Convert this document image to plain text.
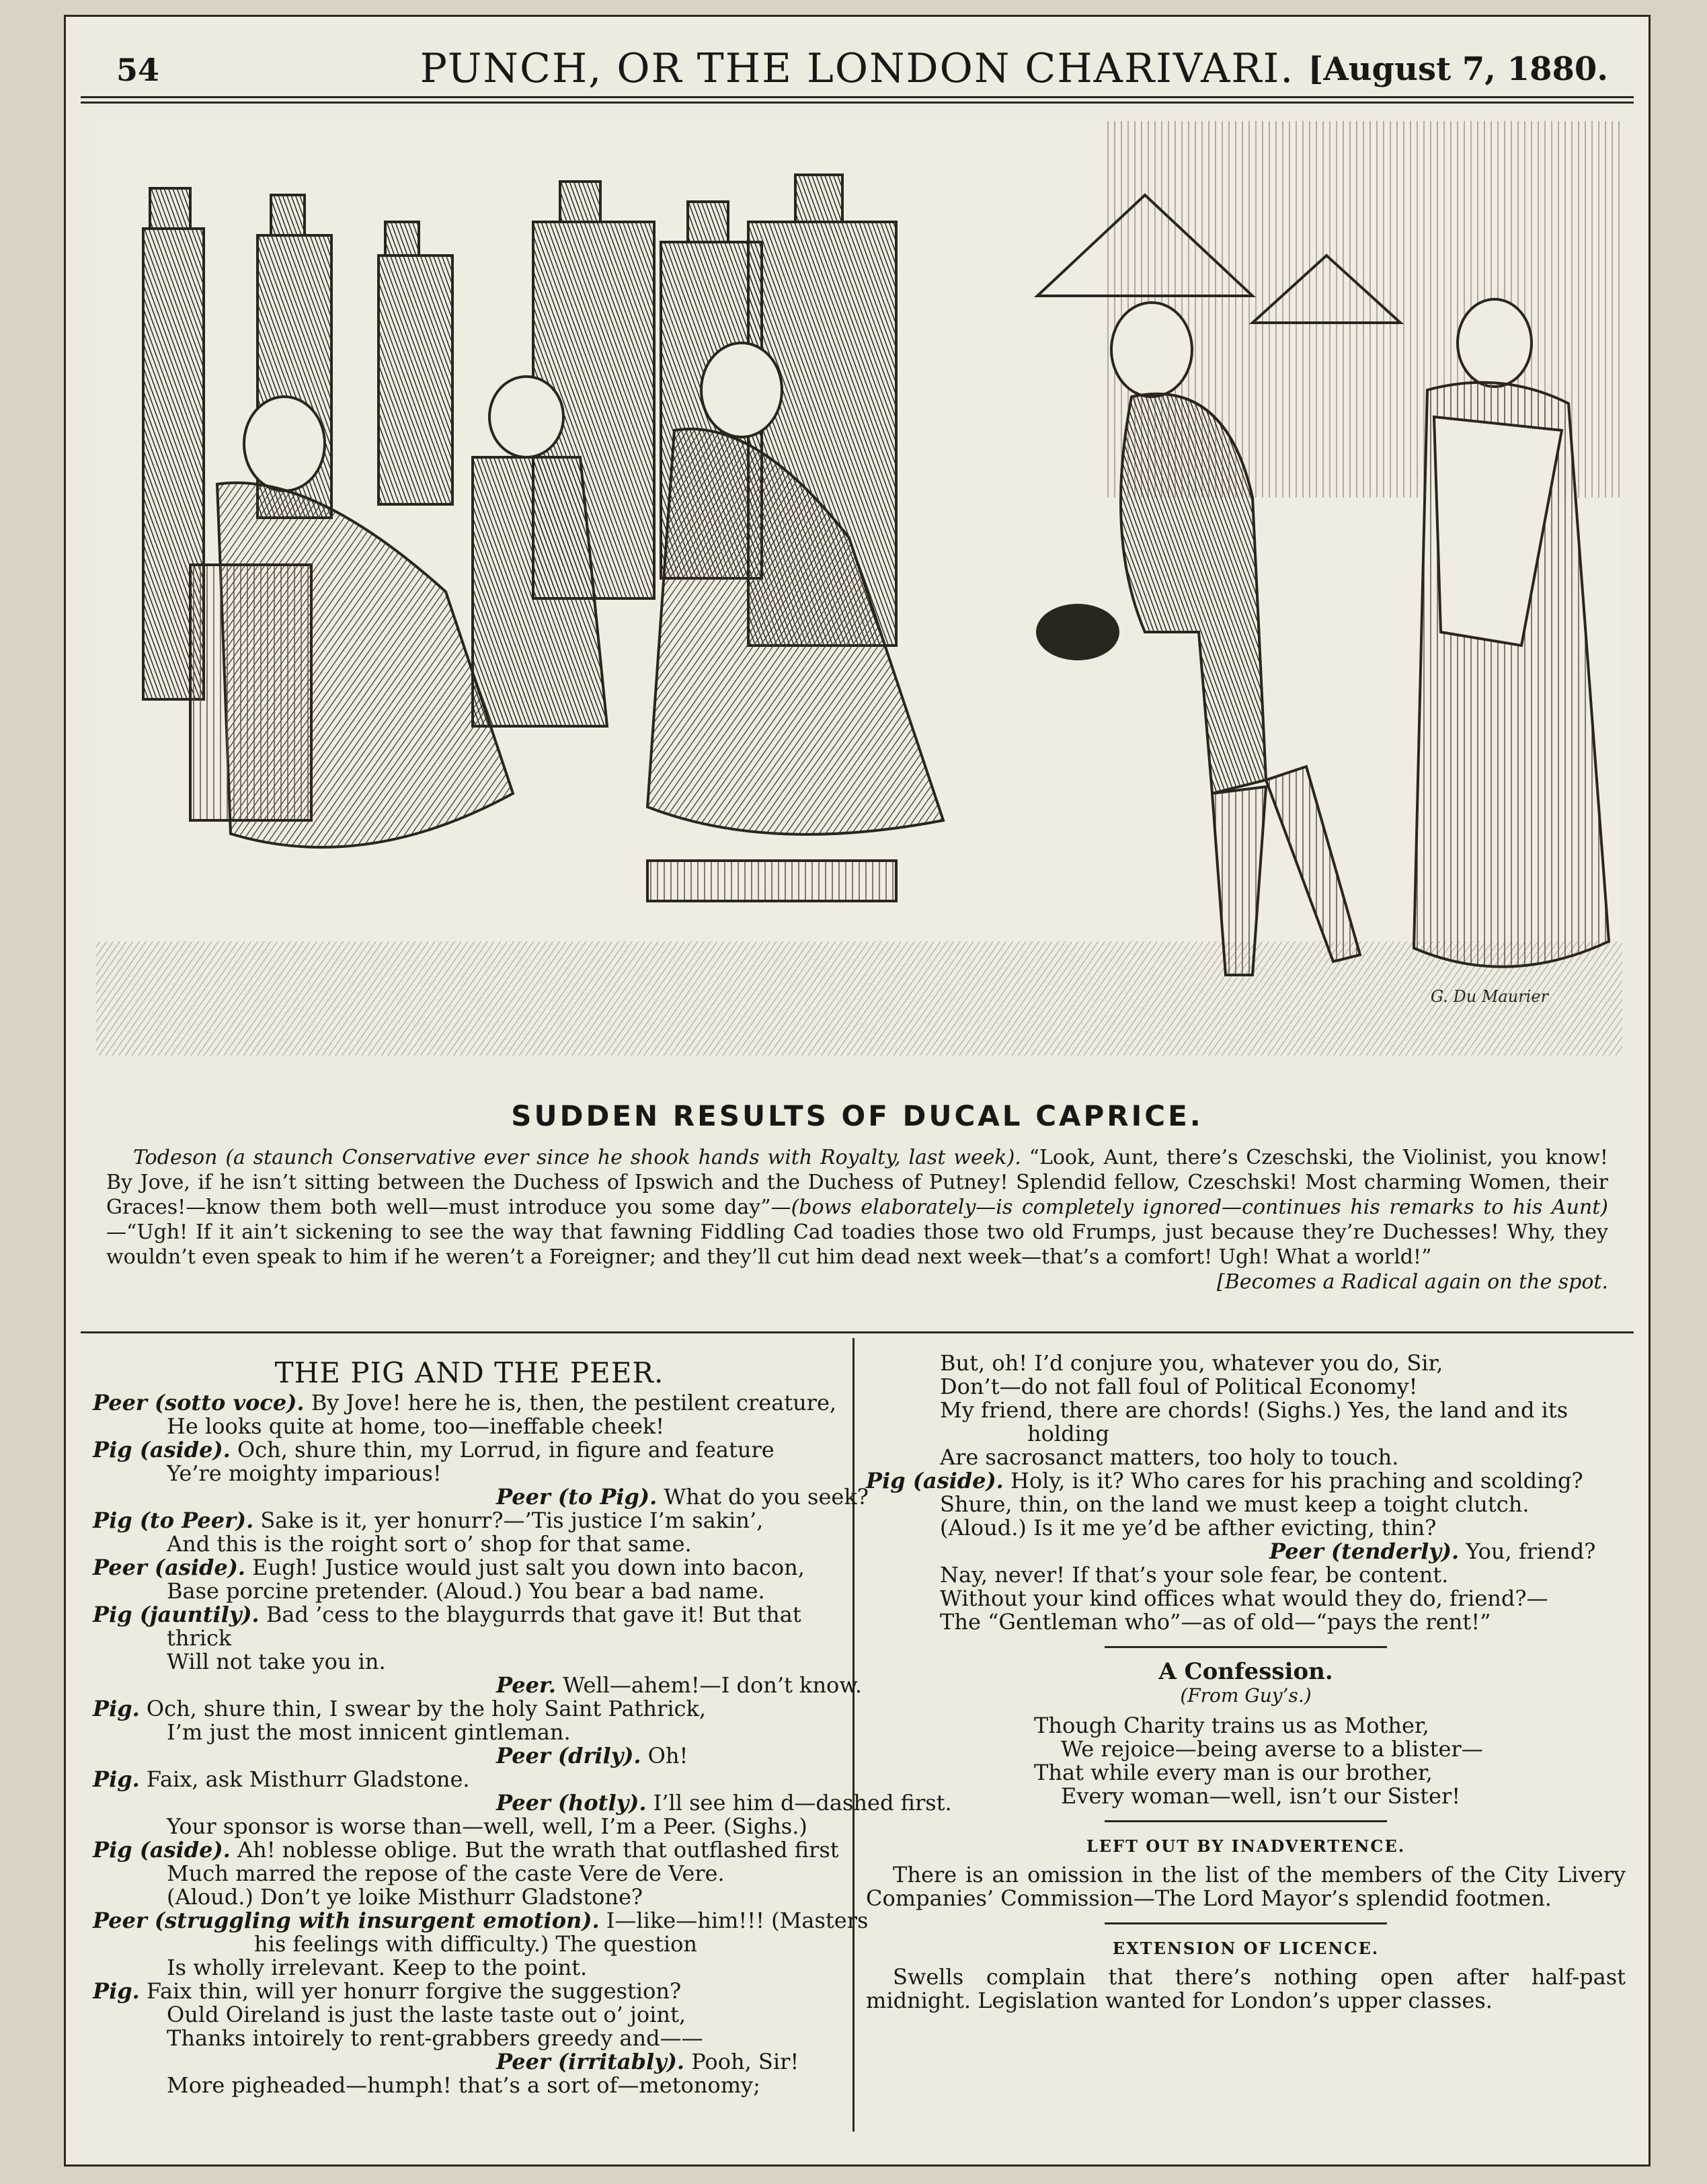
54	PUNCH, OR THE LONDON CHARIVARI. [August 7, 1880.
G. Du Maurier
SUDDEN RESULTS OF DUCAL CAPRICE.
Todeson (a staunch Conservative ever since he shook hands with Royalty, last week). “Look, Aunt, there’s Czeschski, the Violinist, you know! By Jove, if he isn’t sitting between the Duchess of Ipswich and the Duchess of Putney! Splendid fellow, Czeschski! Most charming Women, their Graces!—know them both well—must introduce you some day”—(bows elaborately—is completely ignored—continues his remarks to his Aunt)—“Ugh! If it ain’t sickening to see the way that fawning Fiddling Cad toadies those two old Frumps, just because they’re Duchesses! Why, they wouldn’t even speak to him if he weren’t a Foreigner; and they’ll cut him dead next week—that’s a comfort! Ugh! What a world!”
[Becomes a Radical again on the spot.
THE PIG AND THE PEER.
Peer (sotto voce). By Jove! here he is, then, the pestilent creature,
He looks quite at home, too—ineffable cheek!
Pig (aside). Och, shure thin, my Lorrud, in figure and feature
Ye’re moighty imparious!
Peer (to Pig). What do you seek?
Pig (to Peer). Sake is it, yer honurr?—’Tis justice I’m sakin’,
And this is the roight sort o’ shop for that same.
Peer (aside). Eugh! Justice would just salt you down into bacon,
Base porcine pretender. (Aloud.) You bear a bad name.
Pig (jauntily). Bad ’cess to the blaygurrds that gave it! But that
thrick
Will not take you in.
Peer. Well—ahem!—I don’t know.
Pig. Och, shure thin, I swear by the holy Saint Pathrick,
I’m just the most innicent gintleman.
Peer (drily). Oh!
Pig. Faix, ask Misthurr Gladstone.
Peer (hotly). I’ll see him d—dashed first.
Your sponsor is worse than—well, well, I’m a Peer. (Sighs.)
Pig (aside). Ah! noblesse oblige. But the wrath that outflashed first
Much marred the repose of the caste Vere de Vere.
(Aloud.) Don’t ye loike Misthurr Gladstone?
Peer (struggling with insurgent emotion). I—like—him!!! (Masters
his feelings with difficulty.) The question
Is wholly irrelevant. Keep to the point.
Pig. Faix thin, will yer honurr forgive the suggestion?
Ould Oireland is just the laste taste out o’ joint,
Thanks intoirely to rent-grabbers greedy and——
Peer (irritably). Pooh, Sir!
More pigheaded—humph! that’s a sort of—metonomy;
But, oh! I’d conjure you, whatever you do, Sir,
Don’t—do not fall foul of Political Economy!
My friend, there are chords! (Sighs.) Yes, the land and its
holding
Are sacrosanct matters, too holy to touch.
Pig (aside). Holy, is it? Who cares for his praching and scolding?
Shure, thin, on the land we must keep a toight clutch.
(Aloud.) Is it me ye’d be afther evicting, thin?
Peer (tenderly). You, friend?
Nay, never! If that’s your sole fear, be content.
Without your kind offices what would they do, friend?—
The “Gentleman who”—as of old—“pays the rent!”
A Confession.
(From Guy’s.)
Though Charity trains us as Mother,
We rejoice—being averse to a blister—
That while every man is our brother,
Every woman—well, isn’t our Sister!
LEFT OUT BY INADVERTENCE.
There is an omission in the list of the members of the City Livery Companies’ Commission—The Lord Mayor’s splendid footmen.
EXTENSION OF LICENCE.
Swells complain that there’s nothing open after half-past midnight. Legislation wanted for London’s upper classes.
